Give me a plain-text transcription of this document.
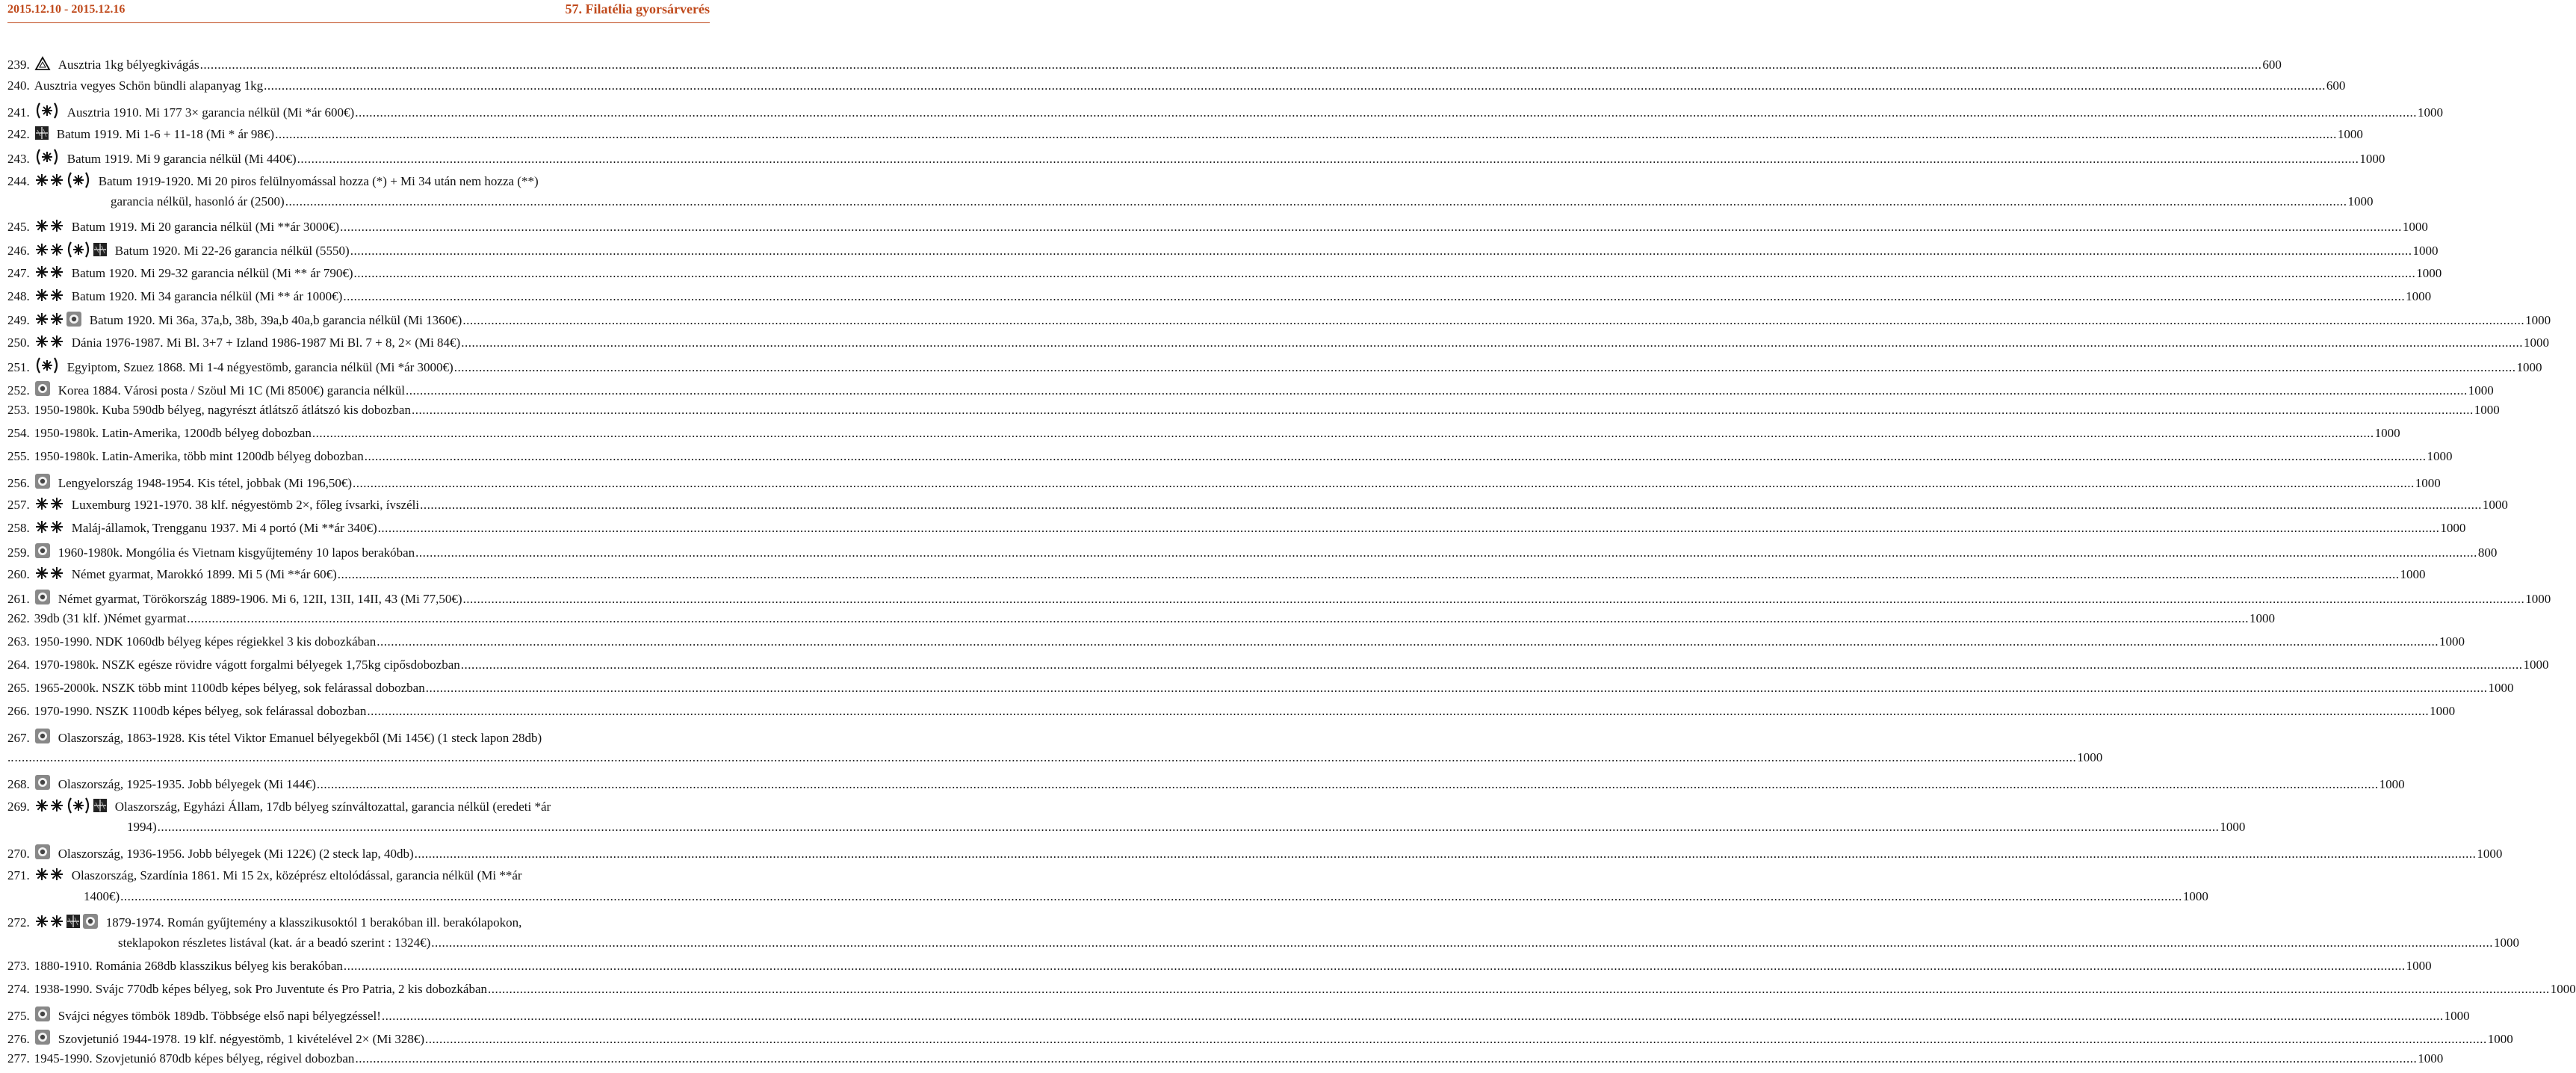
2015.12.10 - 2015.12.16	57. Filatélia gyorsárverés
239. Ausztria 1kg bélyegkivágás .....	600
240. Ausztria vegyes Schön bündli alapanyag 1kg .....	600
241.	Ausztria 1910. Mi 177 3× garancia nélkül (Mi *ár 600€) .....	1000
242. Batum 1919. Mi 1-6 + 11-18 (Mi * ár 98€) .....	1000
243.	Batum 1919. Mi 9 garancia nélkül (Mi 440€) .....	1000
244.	Batum 1919-1920. Mi 20 piros felülnyomással hozza (*) + Mi 34 után nem hozza (**)
garancia nélkül, hasonló ár (2500) .....	1000
245.	Batum 1919. Mi 20 garancia nélkül (Mi **ár 3000€) .....	1000
246.	Batum 1920. Mi 22-26 garancia nélkül (5550) .....	1000
247.	Batum 1920. Mi 29-32 garancia nélkül (Mi ** ár 790€) .....	1000
248.	Batum 1920. Mi 34 garancia nélkül (Mi ** ár 1000€) .....	1000
249.	Batum 1920. Mi 36a, 37a,b, 38b, 39a,b 40a,b garancia nélkül (Mi 1360€) .....	1000
250.	Dánia 1976-1987. Mi Bl. 3+7 + Izland 1986-1987 Mi Bl. 7 + 8, 2× (Mi 84€) .....	1000
251.	Egyiptom, Szuez 1868. Mi 1-4 négyestömb, garancia nélkül (Mi *ár 3000€) .....	1000
252. Korea 1884. Városi posta / Szöul Mi 1C (Mi 8500€) garancia nélkül .....	1000
253. 1950-1980k. Kuba 590db bélyeg, nagyrészt átlátsző átlátszó kis dobozban .....	1000
254. 1950-1980k. Latin-Amerika, 1200db bélyeg dobozban .....	1000
255. 1950-1980k. Latin-Amerika, több mint 1200db bélyeg dobozban .....	1000
256. Lengyelország 1948-1954. Kis tétel, jobbak (Mi 196,50€) .....	1000
257.	Luxemburg 1921-1970. 38 klf. négyestömb 2×, főleg ívsarki, ívszéli .....	1000
258.	Maláj-államok, Trengganu 1937. Mi 4 portó (Mi **ár 340€) .....	1000
259. 1960-1980k. Mongólia és Vietnam kisgyűjtemény 10 lapos berakóban .....	800
260.	Német gyarmat, Marokkó 1899. Mi 5 (Mi **ár 60€) .....	1000
261. Német gyarmat, Törökország 1889-1906. Mi 6, 12II, 13II, 14II, 43 (Mi 77,50€) .....	1000
262. 39db (31 klf. )Német gyarmat .....	1000
263. 1950-1990. NDK 1060db bélyeg képes régiekkel 3 kis dobozkában .....	1000
264. 1970-1980k. NSZK egésze rövidre vágott forgalmi bélyegek 1,75kg cipősdobozban .....	1000
265. 1965-2000k. NSZK több mint 1100db képes bélyeg, sok felárassal dobozban .....	1000
266. 1970-1990. NSZK 1100db képes bélyeg, sok felárassal dobozban .....	1000
267. Olaszország, 1863-1928. Kis tétel Viktor Emanuel bélyegekből (Mi 145€) (1 steck lapon 28db)
.. .....	1000
268. Olaszország, 1925-1935. Jobb bélyegek (Mi 144€) .....	1000
269.	Olaszország, Egyházi Állam, 17db bélyeg színváltozattal, garancia nélkül (eredeti *ár
1994) .....	1000
270. Olaszország, 1936-1956. Jobb bélyegek (Mi 122€) (2 steck lap, 40db) .....	1000
271.	Olaszország, Szardínia 1861. Mi 15 2x, középrész eltolódással, garancia nélkül (Mi **ár
1400€) .....	1000
272.	1879-1974. Román gyűjtemény a klasszikusoktól 1 berakóban ill. berakólapokon,
steklapokon részletes listával (kat. ár a beadó szerint : 1324€) .....	1000
273. 1880-1910. Románia 268db klasszikus bélyeg kis berakóban .....	1000
274. 1938-1990. Svájc 770db képes bélyeg, sok Pro Juventute és Pro Patria, 2 kis dobozkában .....	1000
275. Svájci négyes tömbök 189db. Többsége első napi bélyegzéssel! .....	1000
276. Szovjetunió 1944-1978. 19 klf. négyestömb, 1 kivételével 2× (Mi 328€) .....	1000
277. 1945-1990. Szovjetunió 870db képes bélyeg, régivel dobozban .....	1000
